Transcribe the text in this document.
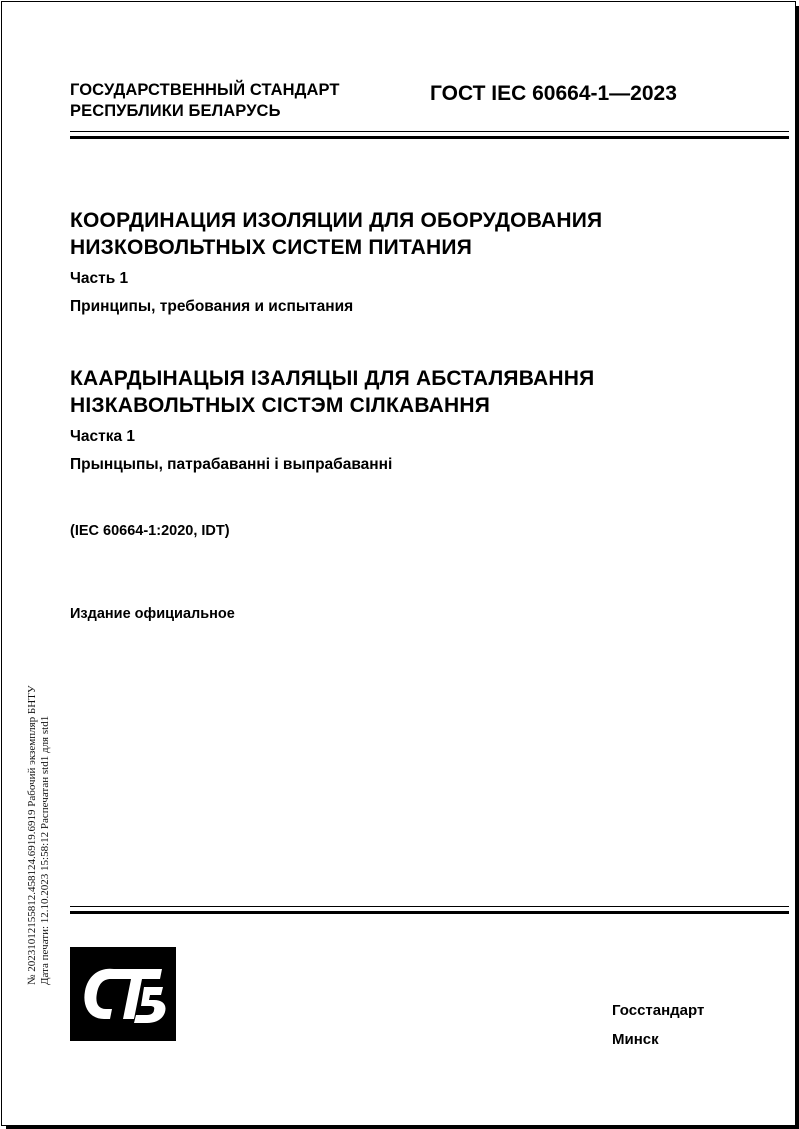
ГОСУДАРСТВЕННЫЙ СТАНДАРТ
РЕСПУБЛИКИ БЕЛАРУСЬ
ГОСТ IEC 60664-1—2023
КООРДИНАЦИЯ ИЗОЛЯЦИИ ДЛЯ ОБОРУДОВАНИЯ
НИЗКОВОЛЬТНЫХ СИСТЕМ ПИТАНИЯ
Часть 1
Принципы, требования и испытания
КААРДЫНАЦЫЯ ІЗАЛЯЦЫІ ДЛЯ АБСТАЛЯВАННЯ
НІЗКАВОЛЬТНЫХ СІСТЭМ СІЛКАВАННЯ
Частка 1
Прынцыпы, патрабаванні і выпрабаванні
(IEC 60664-1:2020, IDT)
Издание официальное
№ 20231012155812.458124.6919.6919 Рабочий экземпляр БНТУ Дата печати: 12.10.2023 15:58:12 Распечатан std1 для std1
Госстандарт
Минск
